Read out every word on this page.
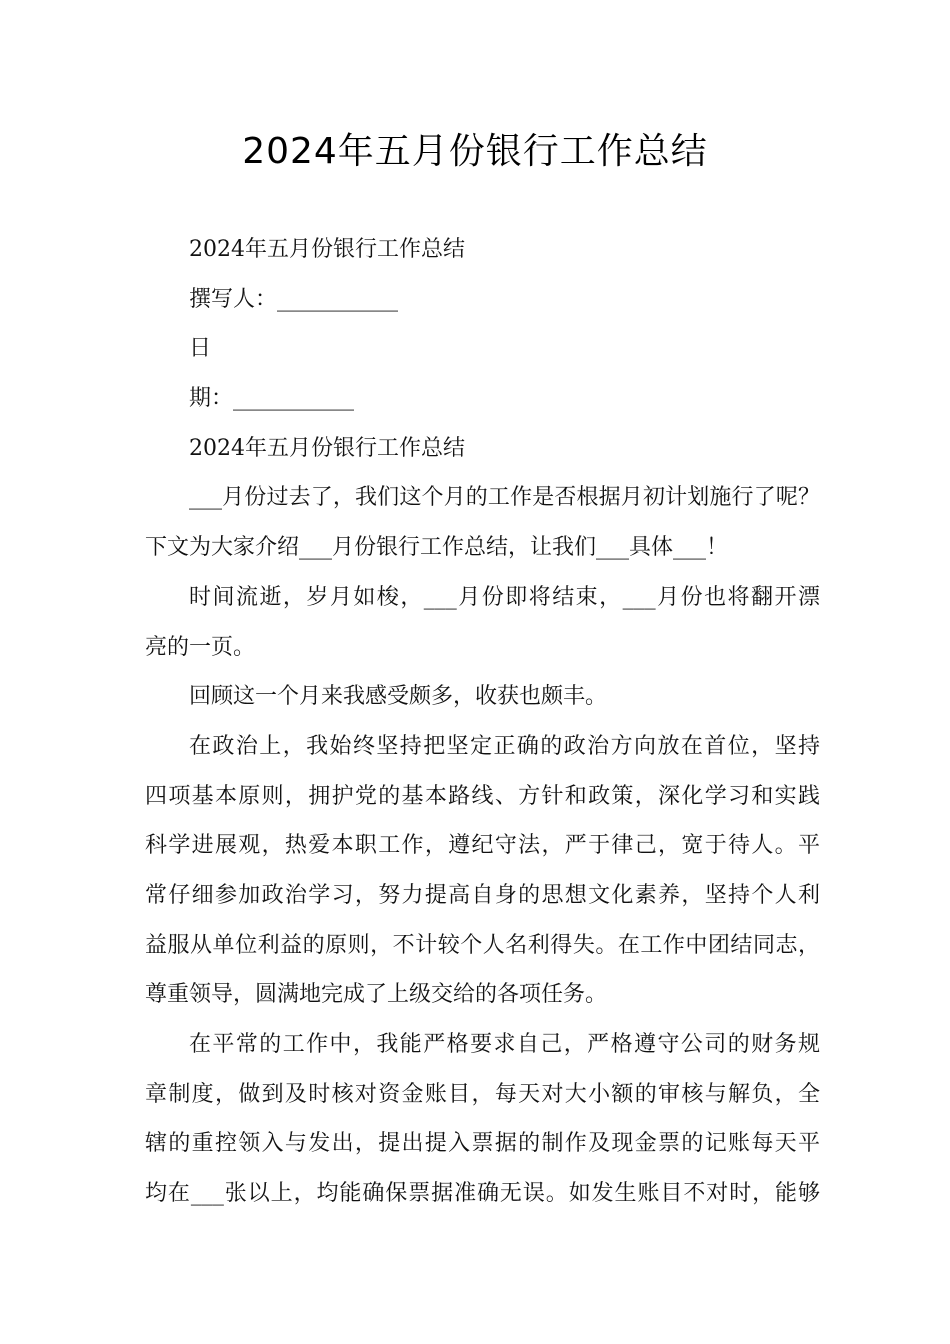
2024年五月份银行工作总结
2024年五月份银行工作总结
撰写人：___________
日
期：___________
2024年五月份银行工作总结
___月份过去了，我们这个月的工作是否根据月初计划施行了呢？
下文为大家介绍___月份银行工作总结，让我们___具体___！
时间流逝，岁月如梭，___月份即将结束，___月份也将翻开漂
亮的一页。
回顾这一个月来我感受颇多，收获也颇丰。
在政治上，我始终坚持把坚定正确的政治方向放在首位，坚持
四项基本原则，拥护党的基本路线、方针和政策，深化学习和实践
科学进展观，热爱本职工作，遵纪守法，严于律己，宽于待人。平
常仔细参加政治学习，努力提高自身的思想文化素养，坚持个人利
益服从单位利益的原则，不计较个人名利得失。在工作中团结同志，
尊重领导，圆满地完成了上级交给的各项任务。
在平常的工作中，我能严格要求自己，严格遵守公司的财务规
章制度，做到及时核对资金账目，每天对大小额的审核与解负，全
辖的重控领入与发出，提出提入票据的制作及现金票的记账每天平
均在___张以上，均能确保票据准确无误。如发生账目不对时，能够
